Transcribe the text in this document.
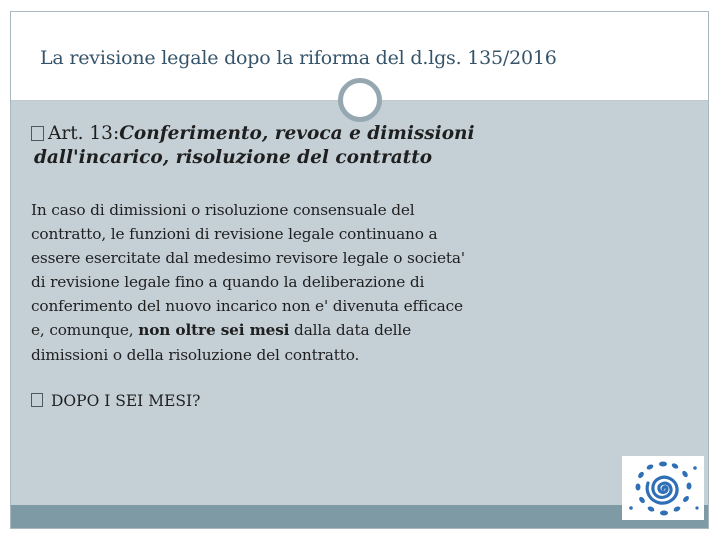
La revisione legale dopo la riforma del d.lgs. 135/2016
Art. 13:Conferimento, revoca e dimissioni
dall'incarico, risoluzione del contratto
In caso di dimissioni o risoluzione consensuale del
contratto, le funzioni di revisione legale continuano a
essere esercitate dal medesimo revisore legale o societa'
di revisione legale fino a quando la deliberazione di
conferimento del nuovo incarico non e' divenuta efficace
e, comunque, non oltre sei mesi dalla data delle
dimissioni o della risoluzione del contratto.
DOPO I SEI MESI?
